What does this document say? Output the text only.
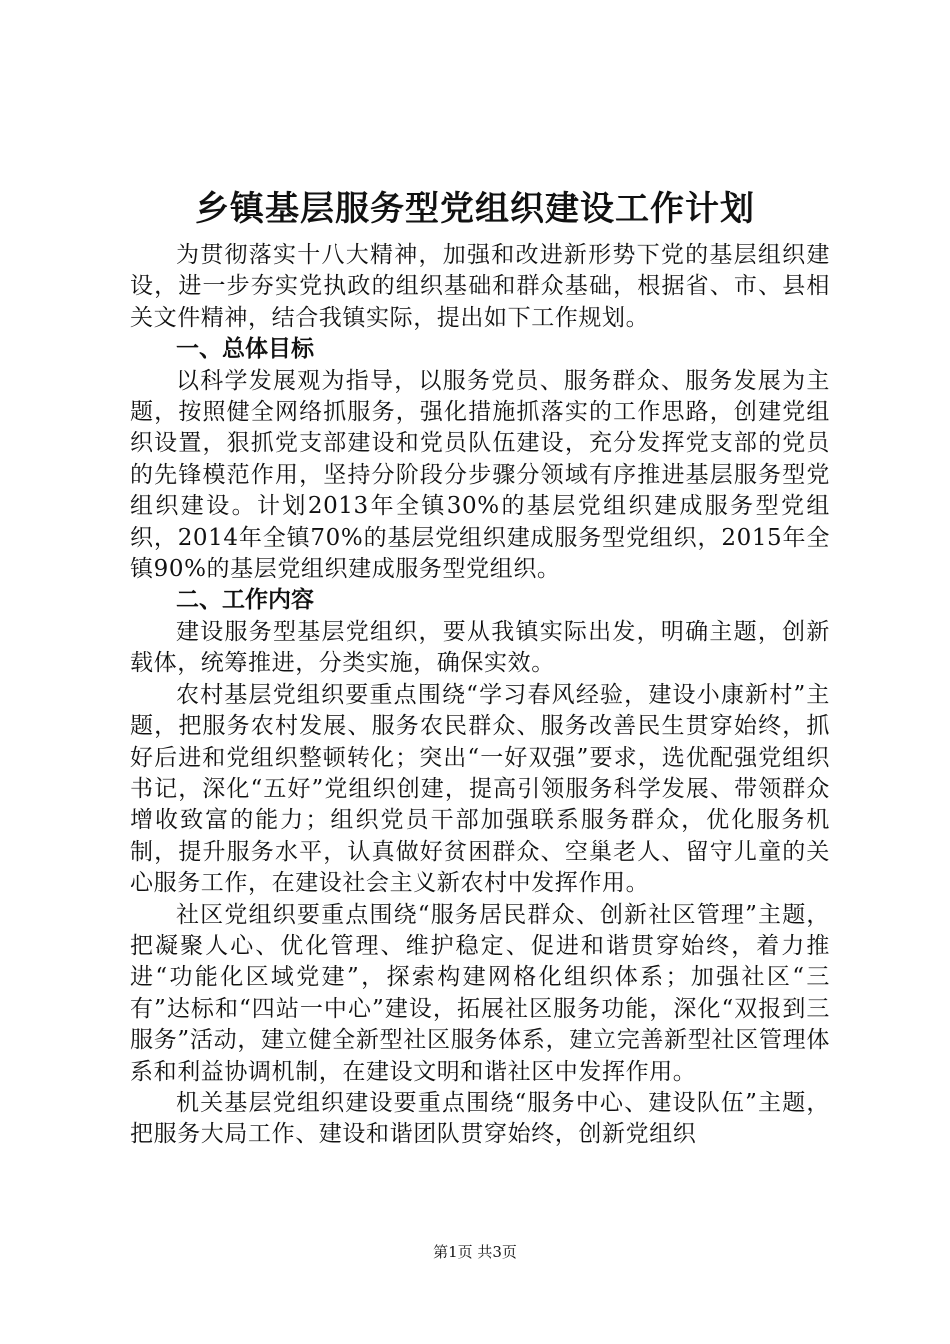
乡镇基层服务型党组织建设工作计划

为贯彻落实十八大精神，加强和改进新形势下党的基层组织建设，进一步夯实党执政的组织基础和群众基础，根据省、市、县相关文件精神，结合我镇实际，提出如下工作规划。

一、总体目标

以科学发展观为指导，以服务党员、服务群众、服务发展为主题，按照健全网络抓服务，强化措施抓落实的工作思路，创建党组织设置，狠抓党支部建设和党员队伍建设，充分发挥党支部的党员的先锋模范作用，坚持分阶段分步骤分领域有序推进基层服务型党组织建设。计划2013年全镇30%的基层党组织建成服务型党组织，2014年全镇70%的基层党组织建成服务型党组织，2015年全镇90%的基层党组织建成服务型党组织。

二、工作内容

建设服务型基层党组织，要从我镇实际出发，明确主题，创新载体，统筹推进，分类实施，确保实效。

农村基层党组织要重点围绕“学习春风经验，建设小康新村”主题，把服务农村发展、服务农民群众、服务改善民生贯穿始终，抓好后进和党组织整顿转化；突出“一好双强”要求，选优配强党组织书记，深化“五好”党组织创建，提高引领服务科学发展、带领群众增收致富的能力；组织党员干部加强联系服务群众，优化服务机制，提升服务水平，认真做好贫困群众、空巢老人、留守儿童的关心服务工作，在建设社会主义新农村中发挥作用。

社区党组织要重点围绕“服务居民群众、创新社区管理”主题，把凝聚人心、优化管理、维护稳定、促进和谐贯穿始终，着力推进“功能化区域党建”，探索构建网格化组织体系；加强社区“三有”达标和“四站一中心”建设，拓展社区服务功能，深化“双报到三服务”活动，建立健全新型社区服务体系，建立完善新型社区管理体系和利益协调机制，在建设文明和谐社区中发挥作用。

机关基层党组织建设要重点围绕“服务中心、建设队伍”主题，把服务大局工作、建设和谐团队贯穿始终，创新党组织

第1页 共3页
